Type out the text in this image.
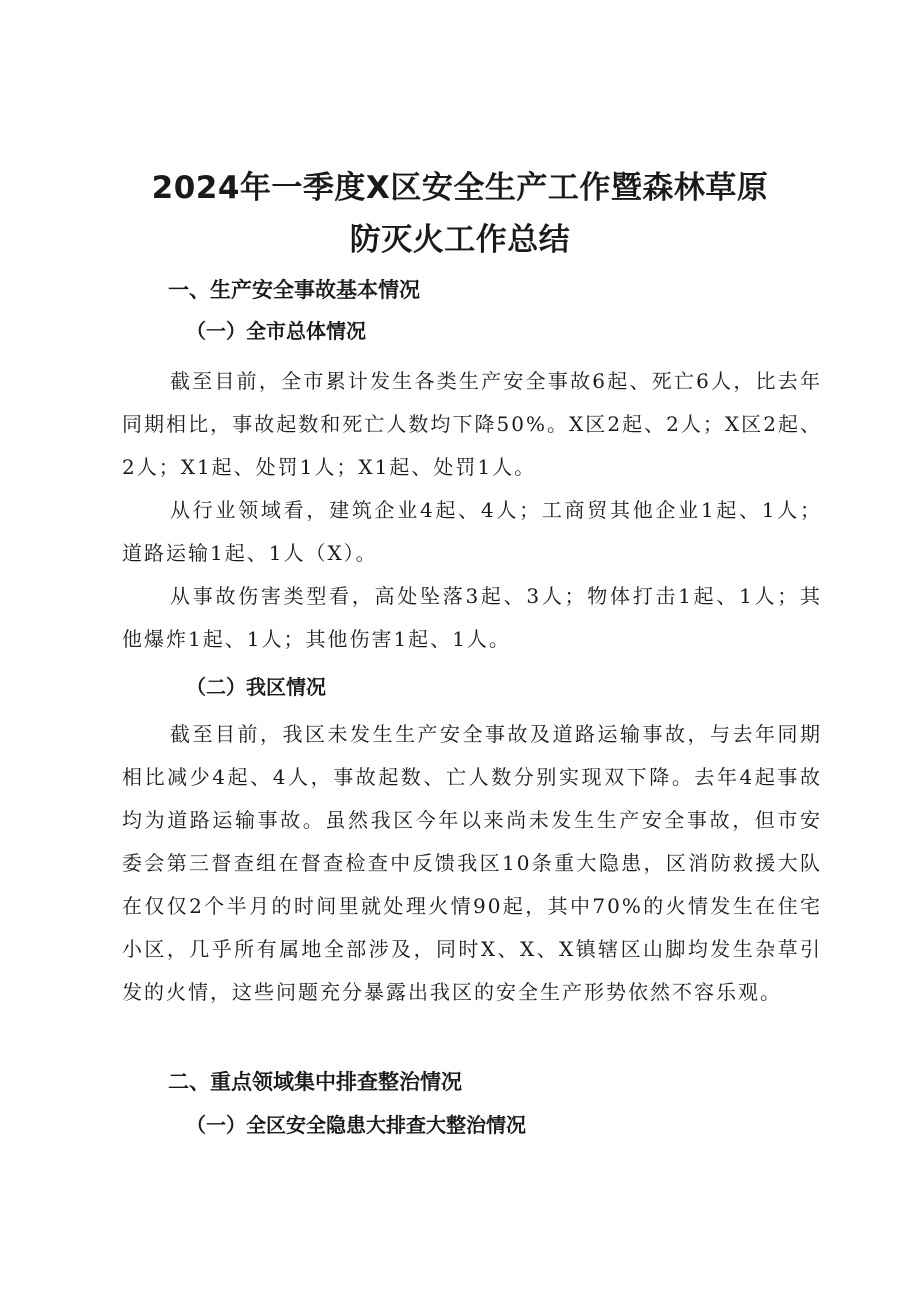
2024年一季度X区安全生产工作暨森林草原
防灭火工作总结
一、生产安全事故基本情况
（一）全市总体情况

截至目前，全市累计发生各类生产安全事故6起、死亡6人，比去年同期相比，事故起数和死亡人数均下降50%。X区2起、2人；X区2起、2人；X1起、处罚1人；X1起、处罚1人。

从行业领域看，建筑企业4起、4人；工商贸其他企业1起、1人；道路运输1起、1人（X）。

从事故伤害类型看，高处坠落3起、3人；物体打击1起、1人；其他爆炸1起、1人；其他伤害1起、1人。

（二）我区情况

截至目前，我区未发生生产安全事故及道路运输事故，与去年同期相比减少4起、4人，事故起数、亡人数分别实现双下降。去年4起事故均为道路运输事故。虽然我区今年以来尚未发生生产安全事故，但市安委会第三督查组在督查检查中反馈我区10条重大隐患，区消防救援大队在仅仅2个半月的时间里就处理火情90起，其中70%的火情发生在住宅小区，几乎所有属地全部涉及，同时X、X、X镇辖区山脚均发生杂草引发的火情，这些问题充分暴露出我区的安全生产形势依然不容乐观。

二、重点领域集中排查整治情况
（一）全区安全隐患大排查大整治情况
